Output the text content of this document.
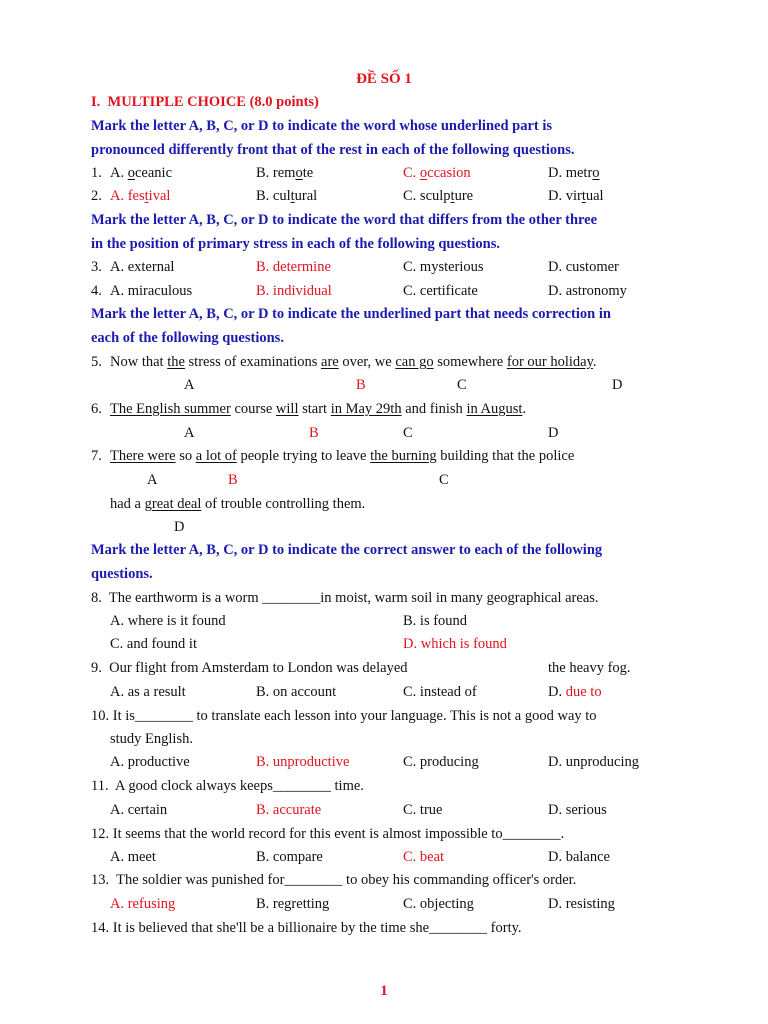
ĐỀ SỐ 1
I.  MULTIPLE CHOICE (8.0 points)
Mark the letter A, B, C, or D to indicate the word whose underlined part is
pronounced differently front that of the rest in each of the following questions.
1. A. oceanic	B. remote	C. occasion	D. metro
2. A. festival	B. cultural	C. sculpture	D. virtual
Mark the letter A, B, C, or D to indicate the word that differs from the other three
in the position of primary stress in each of the following questions.
3. A. external	B. determine	C. mysterious	D. customer
4. A. miraculous	B. individual	C. certificate	D. astronomy
Mark the letter A, B, C, or D to indicate the underlined part that needs correction in
each of the following questions.
5. Now that the stress of examinations are over, we can go somewhere for our holiday.
A	B	C	D
6. The English summer course will start in May 29th and finish in August.
A	B	C	D
7. There were so a lot of people trying to leave the burning building that the police
A	B	C
had a great deal of trouble controlling them.
D
Mark the letter A, B, C, or D to indicate the correct answer to each of the following
questions.
8.  The earthworm is a worm ________in moist, warm soil in many geographical areas.
A. where is it found	B. is found
C. and found it	D. which is found
9.  Our flight from Amsterdam to London was delayed	the heavy fog.
A. as a result	B. on account	C. instead of	D. due to
10. It is________ to translate each lesson into your language. This is not a good way to
study English.
A. productive	B. unproductive	C. producing	D. unproducing
11.  A good clock always keeps________ time.
A. certain	B. accurate	C. true	D. serious
12. It seems that the world record for this event is almost impossible to________.
A. meet	B. compare	C. beat	D. balance
13.  The soldier was punished for________ to obey his commanding officer's order.
A. refusing	B. regretting	C. objecting	D. resisting
14. It is believed that she'll be a billionaire by the time she________ forty.
1
